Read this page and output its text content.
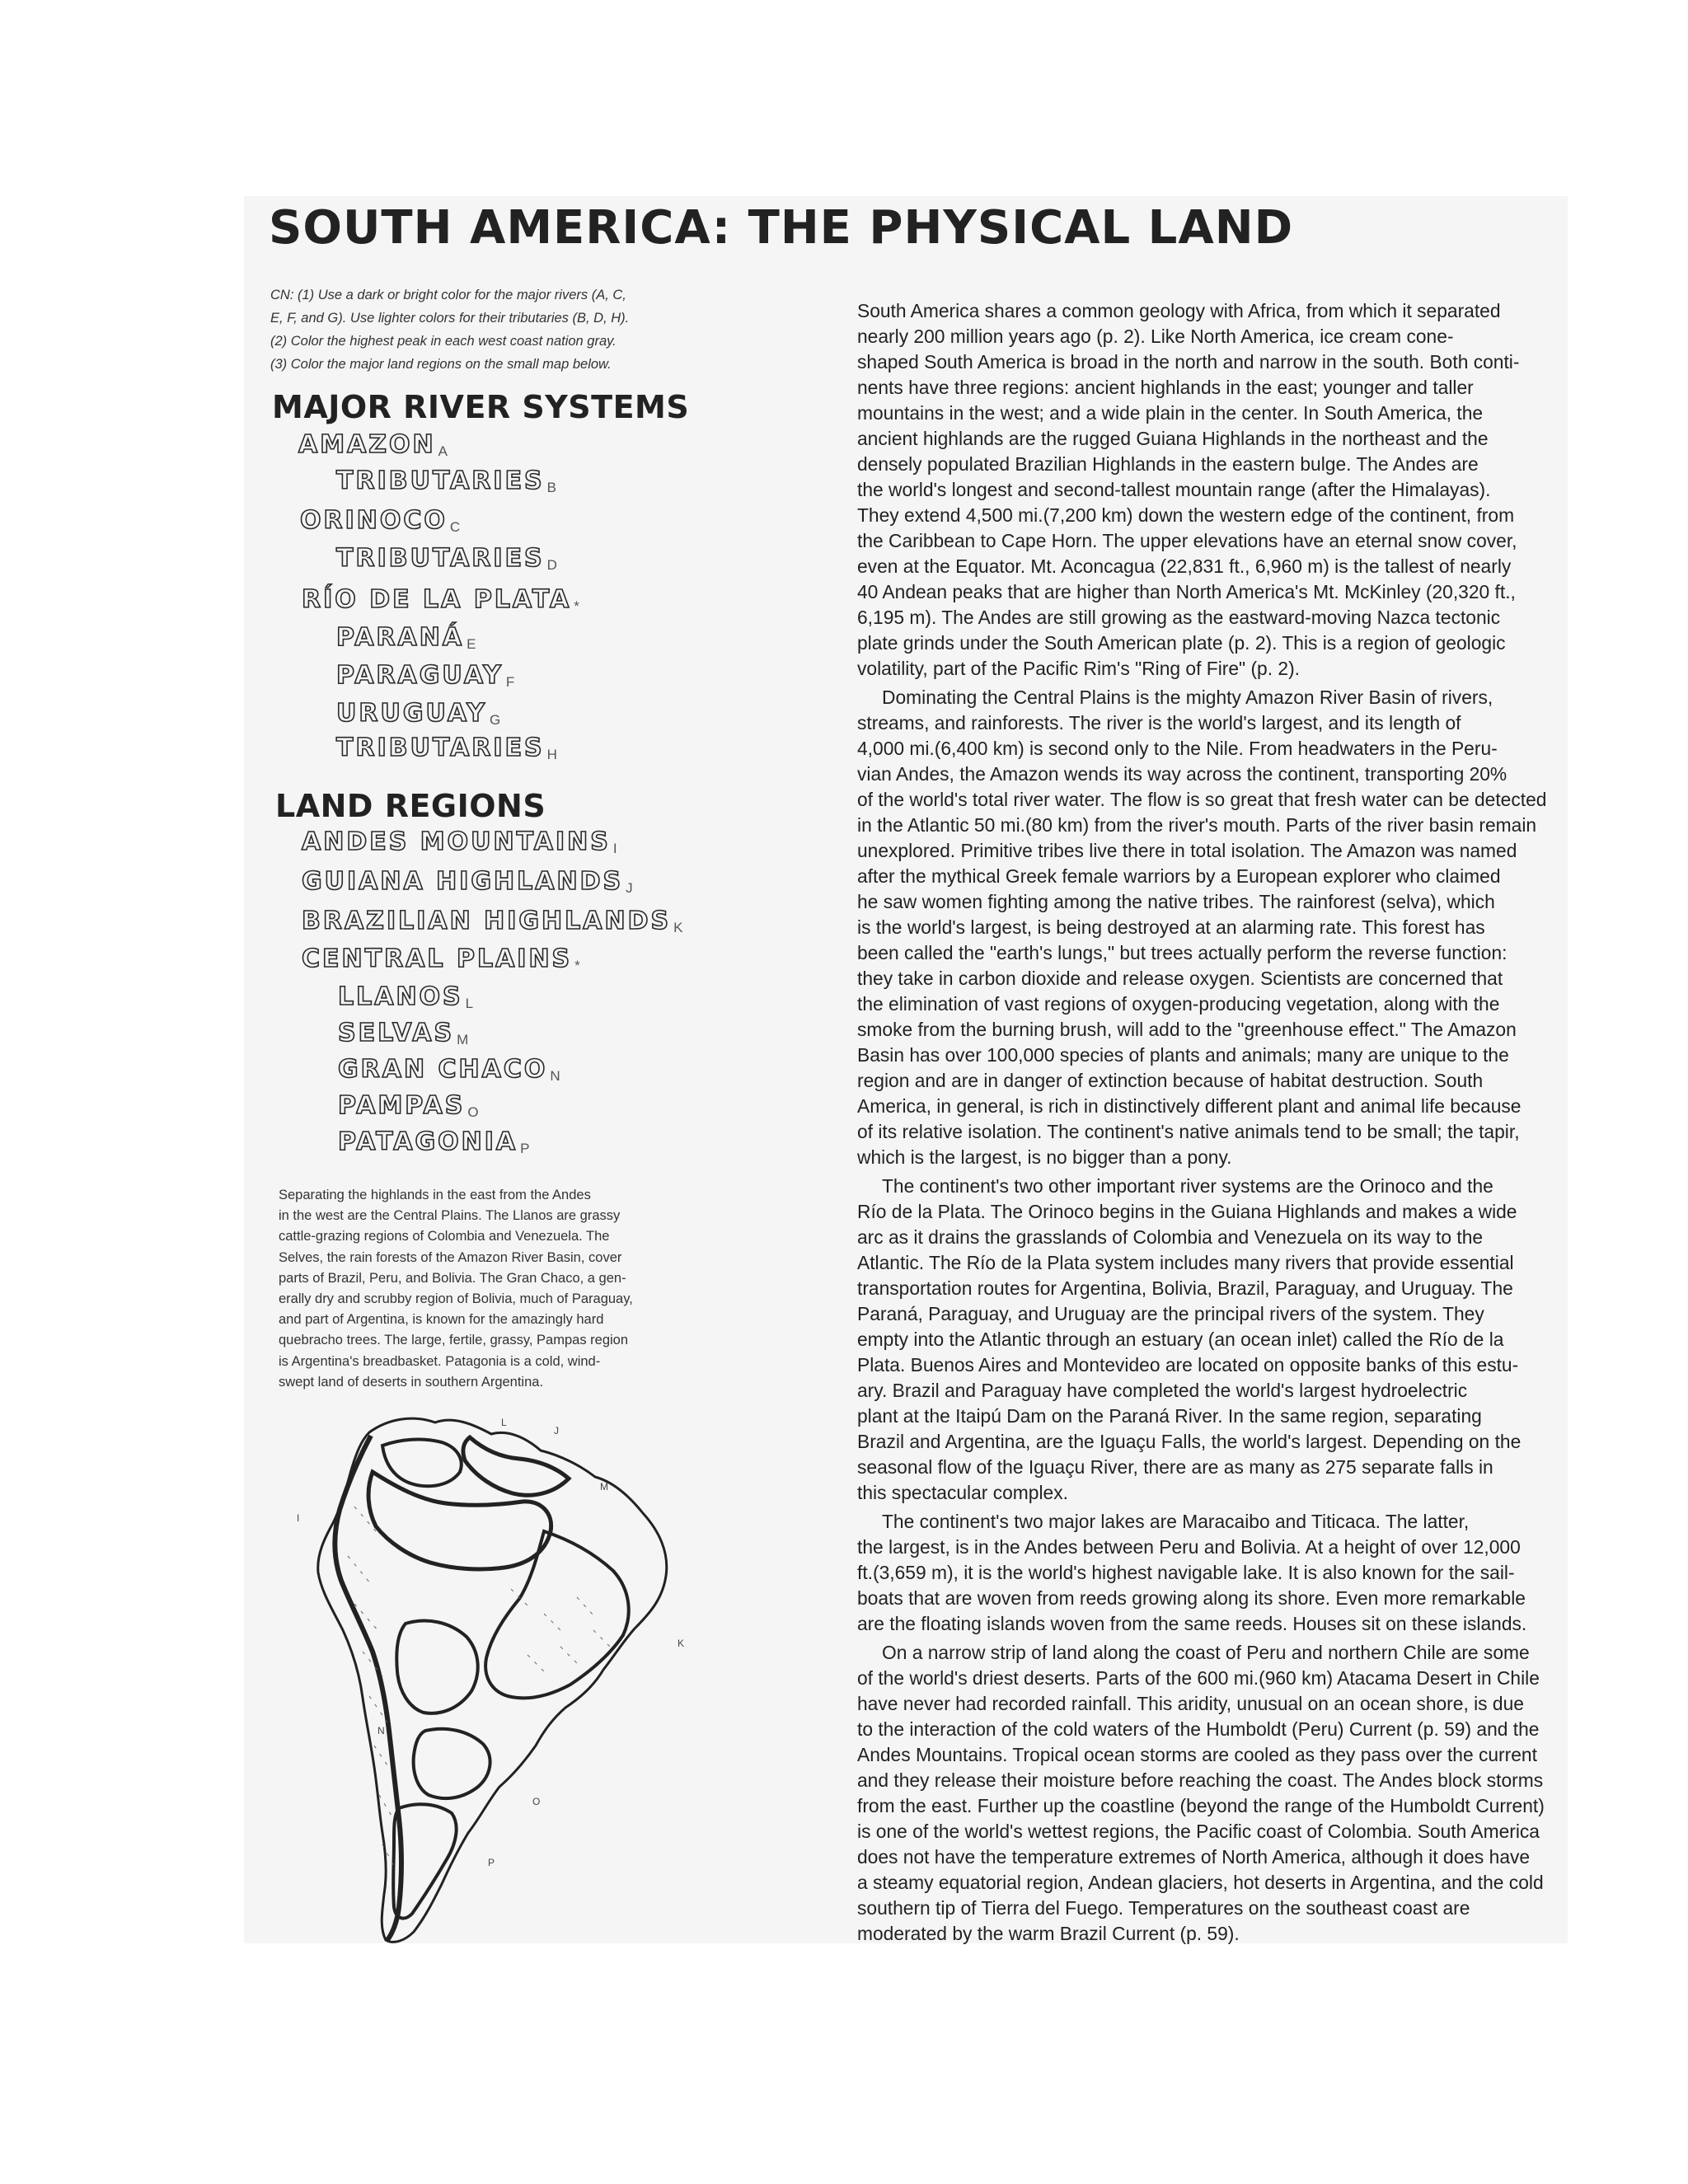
SOUTH AMERICA: THE PHYSICAL LAND
CN: (1) Use a dark or bright color for the major rivers (A, C,
E, F, and G). Use lighter colors for their tributaries (B, D, H).
(2) Color the highest peak in each west coast nation gray.
(3) Color the major land regions on the small map below.
MAJOR RIVER SYSTEMS
AMAZON A
TRIBUTARIES B
ORINOCO C
TRIBUTARIES D
RÍO DE LA PLATA *
PARANÁ E
PARAGUAY F
URUGUAY G
TRIBUTARIES H
LAND REGIONS
ANDES MOUNTAINS I
GUIANA HIGHLANDS J
BRAZILIAN HIGHLANDS K
CENTRAL PLAINS *
LLANOS L
SELVAS M
GRAN CHACO N
PAMPAS O
PATAGONIA P
Separating the highlands in the east from the Andes
in the west are the Central Plains. The Llanos are grassy
cattle-grazing regions of Colombia and Venezuela. The
Selves, the rain forests of the Amazon River Basin, cover
parts of Brazil, Peru, and Bolivia. The Gran Chaco, a gen-
erally dry and scrubby region of Bolivia, much of Paraguay,
and part of Argentina, is known for the amazingly hard
quebracho trees. The large, fertile, grassy, Pampas region
is Argentina's breadbasket. Patagonia is a cold, wind-
swept land of deserts in southern Argentina.
L
J
M
I
K
N
O
P
South America shares a common geology with Africa, from which it separated
nearly 200 million years ago (p. 2). Like North America, ice cream cone-
shaped South America is broad in the north and narrow in the south. Both conti-
nents have three regions: ancient highlands in the east; younger and taller
mountains in the west; and a wide plain in the center. In South America, the
ancient highlands are the rugged Guiana Highlands in the northeast and the
densely populated Brazilian Highlands in the eastern bulge. The Andes are
the world's longest and second-tallest mountain range (after the Himalayas).
They extend 4,500 mi.(7,200 km) down the western edge of the continent, from
the Caribbean to Cape Horn. The upper elevations have an eternal snow cover,
even at the Equator. Mt. Aconcagua (22,831 ft., 6,960 m) is the tallest of nearly
40 Andean peaks that are higher than North America's Mt. McKinley (20,320 ft.,
6,195 m). The Andes are still growing as the eastward-moving Nazca tectonic
plate grinds under the South American plate (p. 2). This is a region of geologic
volatility, part of the Pacific Rim's "Ring of Fire" (p. 2).
Dominating the Central Plains is the mighty Amazon River Basin of rivers,
streams, and rainforests. The river is the world's largest, and its length of
4,000 mi.(6,400 km) is second only to the Nile. From headwaters in the Peru-
vian Andes, the Amazon wends its way across the continent, transporting 20%
of the world's total river water. The flow is so great that fresh water can be detected
in the Atlantic 50 mi.(80 km) from the river's mouth. Parts of the river basin remain
unexplored. Primitive tribes live there in total isolation. The Amazon was named
after the mythical Greek female warriors by a European explorer who claimed
he saw women fighting among the native tribes. The rainforest (selva), which
is the world's largest, is being destroyed at an alarming rate. This forest has
been called the "earth's lungs," but trees actually perform the reverse function:
they take in carbon dioxide and release oxygen. Scientists are concerned that
the elimination of vast regions of oxygen-producing vegetation, along with the
smoke from the burning brush, will add to the "greenhouse effect." The Amazon
Basin has over 100,000 species of plants and animals; many are unique to the
region and are in danger of extinction because of habitat destruction. South
America, in general, is rich in distinctively different plant and animal life because
of its relative isolation. The continent's native animals tend to be small; the tapir,
which is the largest, is no bigger than a pony.
The continent's two other important river systems are the Orinoco and the
Río de la Plata. The Orinoco begins in the Guiana Highlands and makes a wide
arc as it drains the grasslands of Colombia and Venezuela on its way to the
Atlantic. The Río de la Plata system includes many rivers that provide essential
transportation routes for Argentina, Bolivia, Brazil, Paraguay, and Uruguay. The
Paraná, Paraguay, and Uruguay are the principal rivers of the system. They
empty into the Atlantic through an estuary (an ocean inlet) called the Río de la
Plata. Buenos Aires and Montevideo are located on opposite banks of this estu-
ary. Brazil and Paraguay have completed the world's largest hydroelectric
plant at the Itaipú Dam on the Paraná River. In the same region, separating
Brazil and Argentina, are the Iguaçu Falls, the world's largest. Depending on the
seasonal flow of the Iguaçu River, there are as many as 275 separate falls in
this spectacular complex.
The continent's two major lakes are Maracaibo and Titicaca. The latter,
the largest, is in the Andes between Peru and Bolivia. At a height of over 12,000
ft.(3,659 m), it is the world's highest navigable lake. It is also known for the sail-
boats that are woven from reeds growing along its shore. Even more remarkable
are the floating islands woven from the same reeds. Houses sit on these islands.
On a narrow strip of land along the coast of Peru and northern Chile are some
of the world's driest deserts. Parts of the 600 mi.(960 km) Atacama Desert in Chile
have never had recorded rainfall. This aridity, unusual on an ocean shore, is due
to the interaction of the cold waters of the Humboldt (Peru) Current (p. 59) and the
Andes Mountains. Tropical ocean storms are cooled as they pass over the current
and they release their moisture before reaching the coast. The Andes block storms
from the east. Further up the coastline (beyond the range of the Humboldt Current)
is one of the world's wettest regions, the Pacific coast of Colombia. South America
does not have the temperature extremes of North America, although it does have
a steamy equatorial region, Andean glaciers, hot deserts in Argentina, and the cold
southern tip of Tierra del Fuego. Temperatures on the southeast coast are
moderated by the warm Brazil Current (p. 59).
